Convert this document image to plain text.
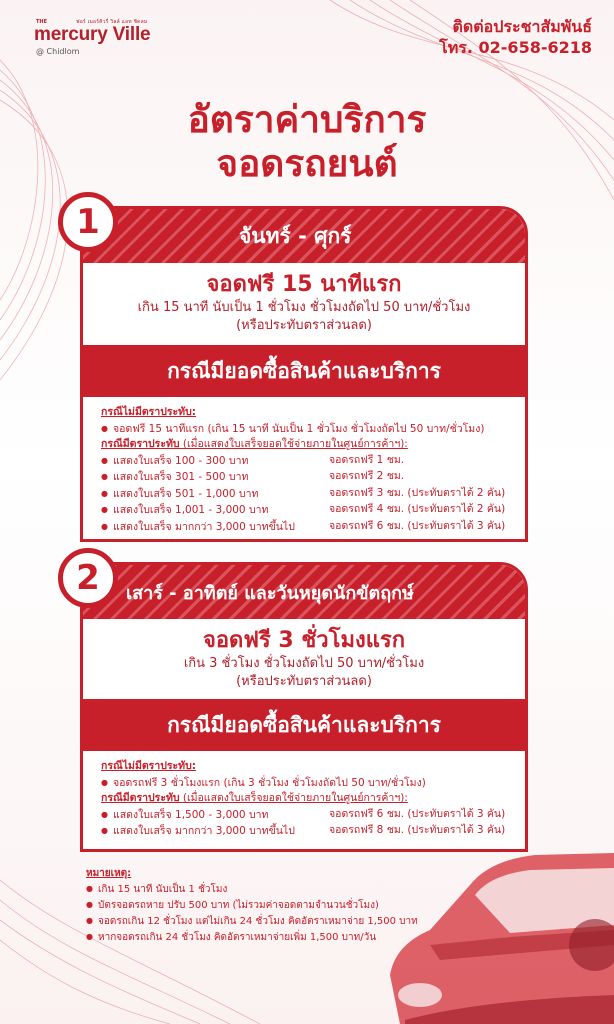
THE	ฟอร์ เมอร์คิวรี่ วิลล์ แอท ชิดลม
mercury Ville
@ Chidlom
ติดต่อประชาสัมพันธ์
โทร. 02-658-6218
อัตราค่าบริการ
จอดรถยนต์
1	จันทร์ - ศุกร์
จอดฟรี 15 นาทีแรก
เกิน 15 นาที นับเป็น 1 ชั่วโมง ชั่วโมงถัดไป 50 บาท/ชั่วโมง
(หรือประทับตราส่วนลด)
กรณีมียอดซื้อสินค้าและบริการ
กรณีไม่มีตราประทับ:
● จอดฟรี 15 นาทีแรก (เกิน 15 นาที นับเป็น 1 ชั่วโมง ชั่วโมงถัดไป 50 บาท/ชั่วโมง)
กรณีมีตราประทับ (เมื่อแสดงใบเสร็จยอดใช้จ่ายภายในศูนย์การค้าฯ):
● แสดงใบเสร็จ 100 - 300 บาท	จอดรถฟรี 1 ชม.
● แสดงใบเสร็จ 301 - 500 บาท	จอดรถฟรี 2 ชม.
● แสดงใบเสร็จ 501 - 1,000 บาท	จอดรถฟรี 3 ชม. (ประทับตราได้ 2 คัน)
● แสดงใบเสร็จ 1,001 - 3,000 บาท	จอดรถฟรี 4 ชม. (ประทับตราได้ 2 คัน)
● แสดงใบเสร็จ มากกว่า 3,000 บาทขึ้นไป	จอดรถฟรี 6 ชม. (ประทับตราได้ 3 คัน)
2	เสาร์ - อาทิตย์ และวันหยุดนักขัตฤกษ์
จอดฟรี 3 ชั่วโมงแรก
เกิน 3 ชั่วโมง ชั่วโมงถัดไป 50 บาท/ชั่วโมง
(หรือประทับตราส่วนลด)
กรณีมียอดซื้อสินค้าและบริการ
กรณีไม่มีตราประทับ:
● จอดรถฟรี 3 ชั่วโมงแรก (เกิน 3 ชั่วโมง ชั่วโมงถัดไป 50 บาท/ชั่วโมง)
กรณีมีตราประทับ (เมื่อแสดงใบเสร็จยอดใช้จ่ายภายในศูนย์การค้าฯ):
● แสดงใบเสร็จ 1,500 - 3,000 บาท	จอดรถฟรี 6 ชม. (ประทับตราได้ 3 คัน)
● แสดงใบเสร็จ มากกว่า 3,000 บาทขึ้นไป	จอดรถฟรี 8 ชม. (ประทับตราได้ 3 คัน)
หมายเหตุ:
● เกิน 15 นาที นับเป็น 1 ชั่วโมง
● บัตรจอดรถหาย ปรับ 500 บาท (ไม่รวมค่าจอดตามจำนวนชั่วโมง)
● จอดรถเกิน 12 ชั่วโมง แต่ไม่เกิน 24 ชั่วโมง คิดอัตราเหมาจ่าย 1,500 บาท
● หากจอดรถเกิน 24 ชั่วโมง คิดอัตราเหมาจ่ายเพิ่ม 1,500 บาท/วัน
